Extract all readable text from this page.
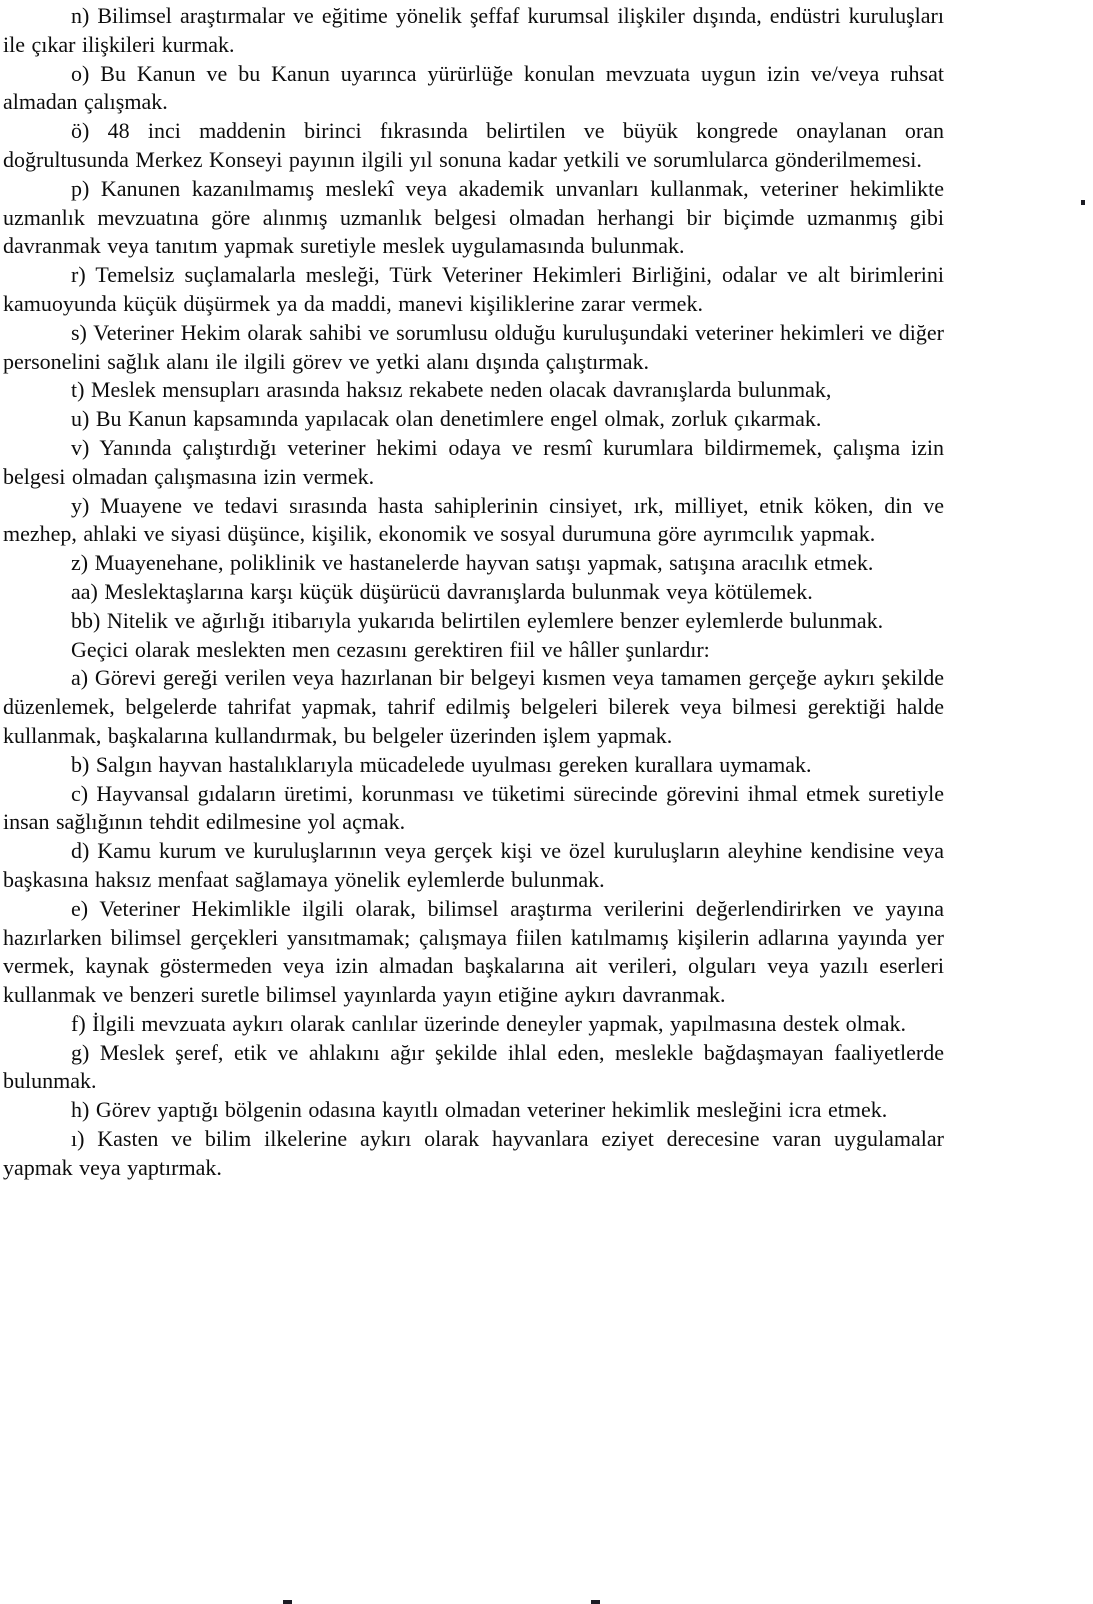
n) Bilimsel araştırmalar ve eğitime yönelik şeffaf kurumsal ilişkiler dışında, endüstri kuruluşları ile çıkar ilişkileri kurmak.

o) Bu Kanun ve bu Kanun uyarınca yürürlüğe konulan mevzuata uygun izin ve/veya ruhsat almadan çalışmak.

ö) 48 inci maddenin birinci fıkrasında belirtilen ve büyük kongrede onaylanan oran doğrultusunda Merkez Konseyi payının ilgili yıl sonuna kadar yetkili ve sorumlularca gönderilmemesi.

p) Kanunen kazanılmamış meslekî veya akademik unvanları kullanmak, veteriner hekimlikte uzmanlık mevzuatına göre alınmış uzmanlık belgesi olmadan herhangi bir biçimde uzmanmış gibi davranmak veya tanıtım yapmak suretiyle meslek uygulamasında bulunmak.

r) Temelsiz suçlamalarla mesleği, Türk Veteriner Hekimleri Birliğini, odalar ve alt birimlerini kamuoyunda küçük düşürmek ya da maddi, manevi kişiliklerine zarar vermek.

s) Veteriner Hekim olarak sahibi ve sorumlusu olduğu kuruluşundaki veteriner hekimleri ve diğer personelini sağlık alanı ile ilgili görev ve yetki alanı dışında çalıştırmak.

t) Meslek mensupları arasında haksız rekabete neden olacak davranışlarda bulunmak,

u) Bu Kanun kapsamında yapılacak olan denetimlere engel olmak, zorluk çıkarmak.

v) Yanında çalıştırdığı veteriner hekimi odaya ve resmî kurumlara bildirmemek, çalışma izin belgesi olmadan çalışmasına izin vermek.

y) Muayene ve tedavi sırasında hasta sahiplerinin cinsiyet, ırk, milliyet, etnik köken, din ve mezhep, ahlaki ve siyasi düşünce, kişilik, ekonomik ve sosyal durumuna göre ayrımcılık yapmak.

z) Muayenehane, poliklinik ve hastanelerde hayvan satışı yapmak, satışına aracılık etmek.

aa) Meslektaşlarına karşı küçük düşürücü davranışlarda bulunmak veya kötülemek.

bb) Nitelik ve ağırlığı itibarıyla yukarıda belirtilen eylemlere benzer eylemlerde bulunmak.

Geçici olarak meslekten men cezasını gerektiren fiil ve hâller şunlardır:

a) Görevi gereği verilen veya hazırlanan bir belgeyi kısmen veya tamamen gerçeğe aykırı şekilde düzenlemek, belgelerde tahrifat yapmak, tahrif edilmiş belgeleri bilerek veya bilmesi gerektiği halde kullanmak, başkalarına kullandırmak, bu belgeler üzerinden işlem yapmak.

b) Salgın hayvan hastalıklarıyla mücadelede uyulması gereken kurallara uymamak.

c) Hayvansal gıdaların üretimi, korunması ve tüketimi sürecinde görevini ihmal etmek suretiyle insan sağlığının tehdit edilmesine yol açmak.

d) Kamu kurum ve kuruluşlarının veya gerçek kişi ve özel kuruluşların aleyhine kendisine veya başkasına haksız menfaat sağlamaya yönelik eylemlerde bulunmak.

e) Veteriner Hekimlikle ilgili olarak, bilimsel araştırma verilerini değerlendirirken ve yayına hazırlarken bilimsel gerçekleri yansıtmamak; çalışmaya fiilen katılmamış kişilerin adlarına yayında yer vermek, kaynak göstermeden veya izin almadan başkalarına ait verileri, olguları veya yazılı eserleri kullanmak ve benzeri suretle bilimsel yayınlarda yayın etiğine aykırı davranmak.

f) İlgili mevzuata aykırı olarak canlılar üzerinde deneyler yapmak, yapılmasına destek olmak.

g) Meslek şeref, etik ve ahlakını ağır şekilde ihlal eden, meslekle bağdaşmayan faaliyetlerde bulunmak.

h) Görev yaptığı bölgenin odasına kayıtlı olmadan veteriner hekimlik mesleğini icra etmek.

ı) Kasten ve bilim ilkelerine aykırı olarak hayvanlara eziyet derecesine varan uygulamalar yapmak veya yaptırmak.
